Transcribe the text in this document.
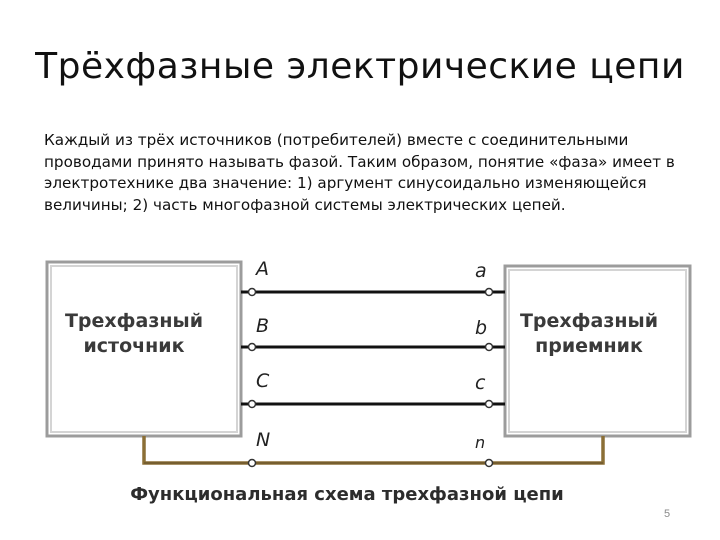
Трёхфазные электрические цепи
Каждый из трёх источников (потребителей) вместе с соединительными проводами принято называть фазой. Таким образом, понятие «фаза» имеет в электротехнике два значение: 1) аргумент синусоидально изменяющейся величины; 2) часть многофазной системы электрических цепей.
Трехфазный
источник
Трехфазный
приемник
A	a
B	b
C	c
N	n
Функциональная схема трехфазной цепи
5
